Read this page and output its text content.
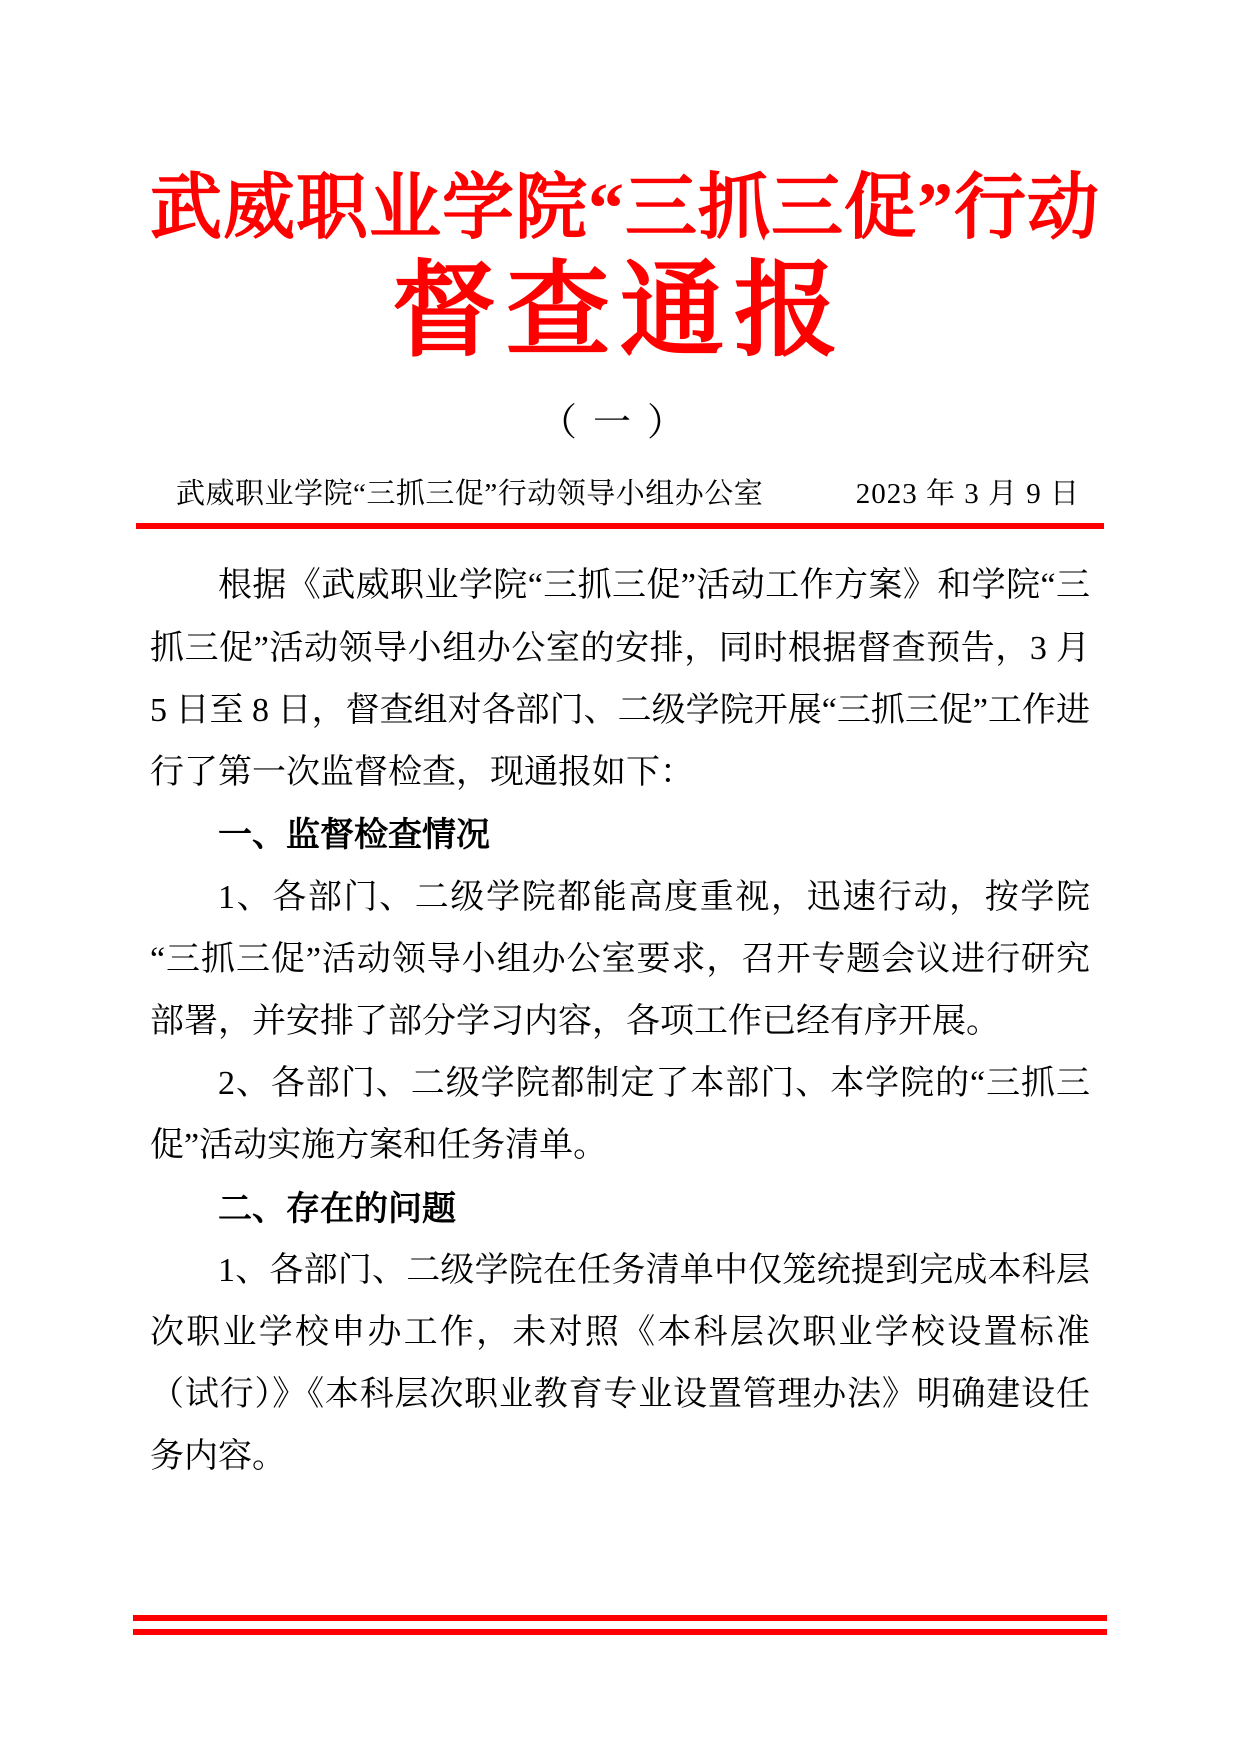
武威职业学院“三抓三促”行动
督查通报
（一）
武威职业学院“三抓三促”行动领导小组办公室	2023 年 3 月 9 日

根据《武威职业学院“三抓三促”活动工作方案》和学院“三抓三促”活动领导小组办公室的安排，同时根据督查预告，3 月 5 日至 8 日，督查组对各部门、二级学院开展“三抓三促”工作进行了第一次监督检查，现通报如下：

一、监督检查情况

1、各部门、二级学院都能高度重视，迅速行动，按学院“三抓三促”活动领导小组办公室要求，召开专题会议进行研究部署，并安排了部分学习内容，各项工作已经有序开展。

2、各部门、二级学院都制定了本部门、本学院的“三抓三促”活动实施方案和任务清单。

二、存在的问题

1、各部门、二级学院在任务清单中仅笼统提到完成本科层次职业学校申办工作，未对照《本科层次职业学校设置标准（试行）》《本科层次职业教育专业设置管理办法》明确建设任务内容。
